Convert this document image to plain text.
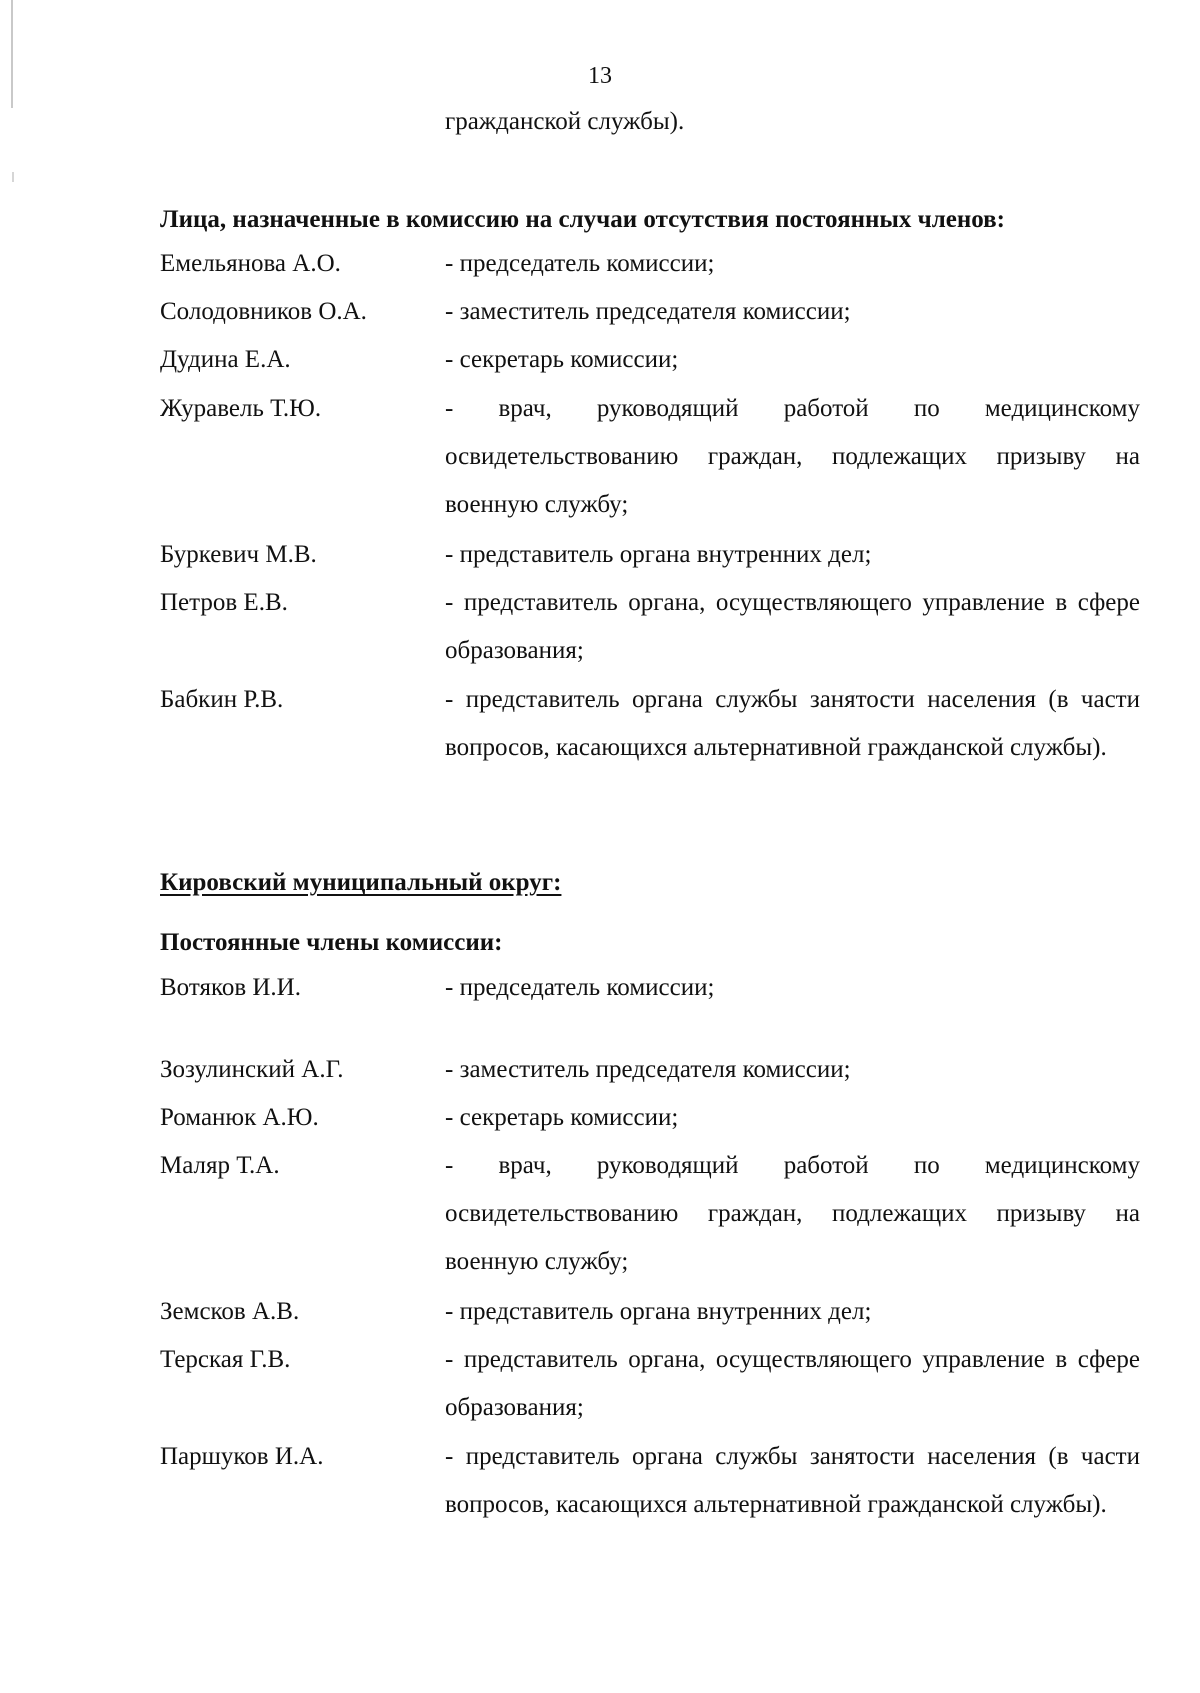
13
гражданской службы).
Лица, назначенные в комиссию на случаи отсутствия постоянных членов:
Емельянова А.О.	- председатель комиссии;
Солодовников О.А.	- заместитель председателя комиссии;
Дудина Е.А.	- секретарь комиссии;
Журавель Т.Ю.	- врач, руководящий работой по медицинскому освидетельствованию граждан, подлежащих призыву на военную службу;
Буркевич М.В.	- представитель органа внутренних дел;
Петров Е.В.	- представитель органа, осуществляющего управление в сфере образования;
Бабкин Р.В.	- представитель органа службы занятости населения (в части вопросов, касающихся альтернативной гражданской службы).
Кировский муниципальный округ:
Постоянные члены комиссии:
Вотяков И.И.	- председатель комиссии;
Зозулинский А.Г.	- заместитель председателя комиссии;
Романюк А.Ю.	- секретарь комиссии;
Маляр Т.А.	- врач, руководящий работой по медицинскому освидетельствованию граждан, подлежащих призыву на военную службу;
Земсков А.В.	- представитель органа внутренних дел;
Терская Г.В.	- представитель органа, осуществляющего управление в сфере образования;
Паршуков И.А.	- представитель органа службы занятости населения (в части вопросов, касающихся альтернативной гражданской службы).
